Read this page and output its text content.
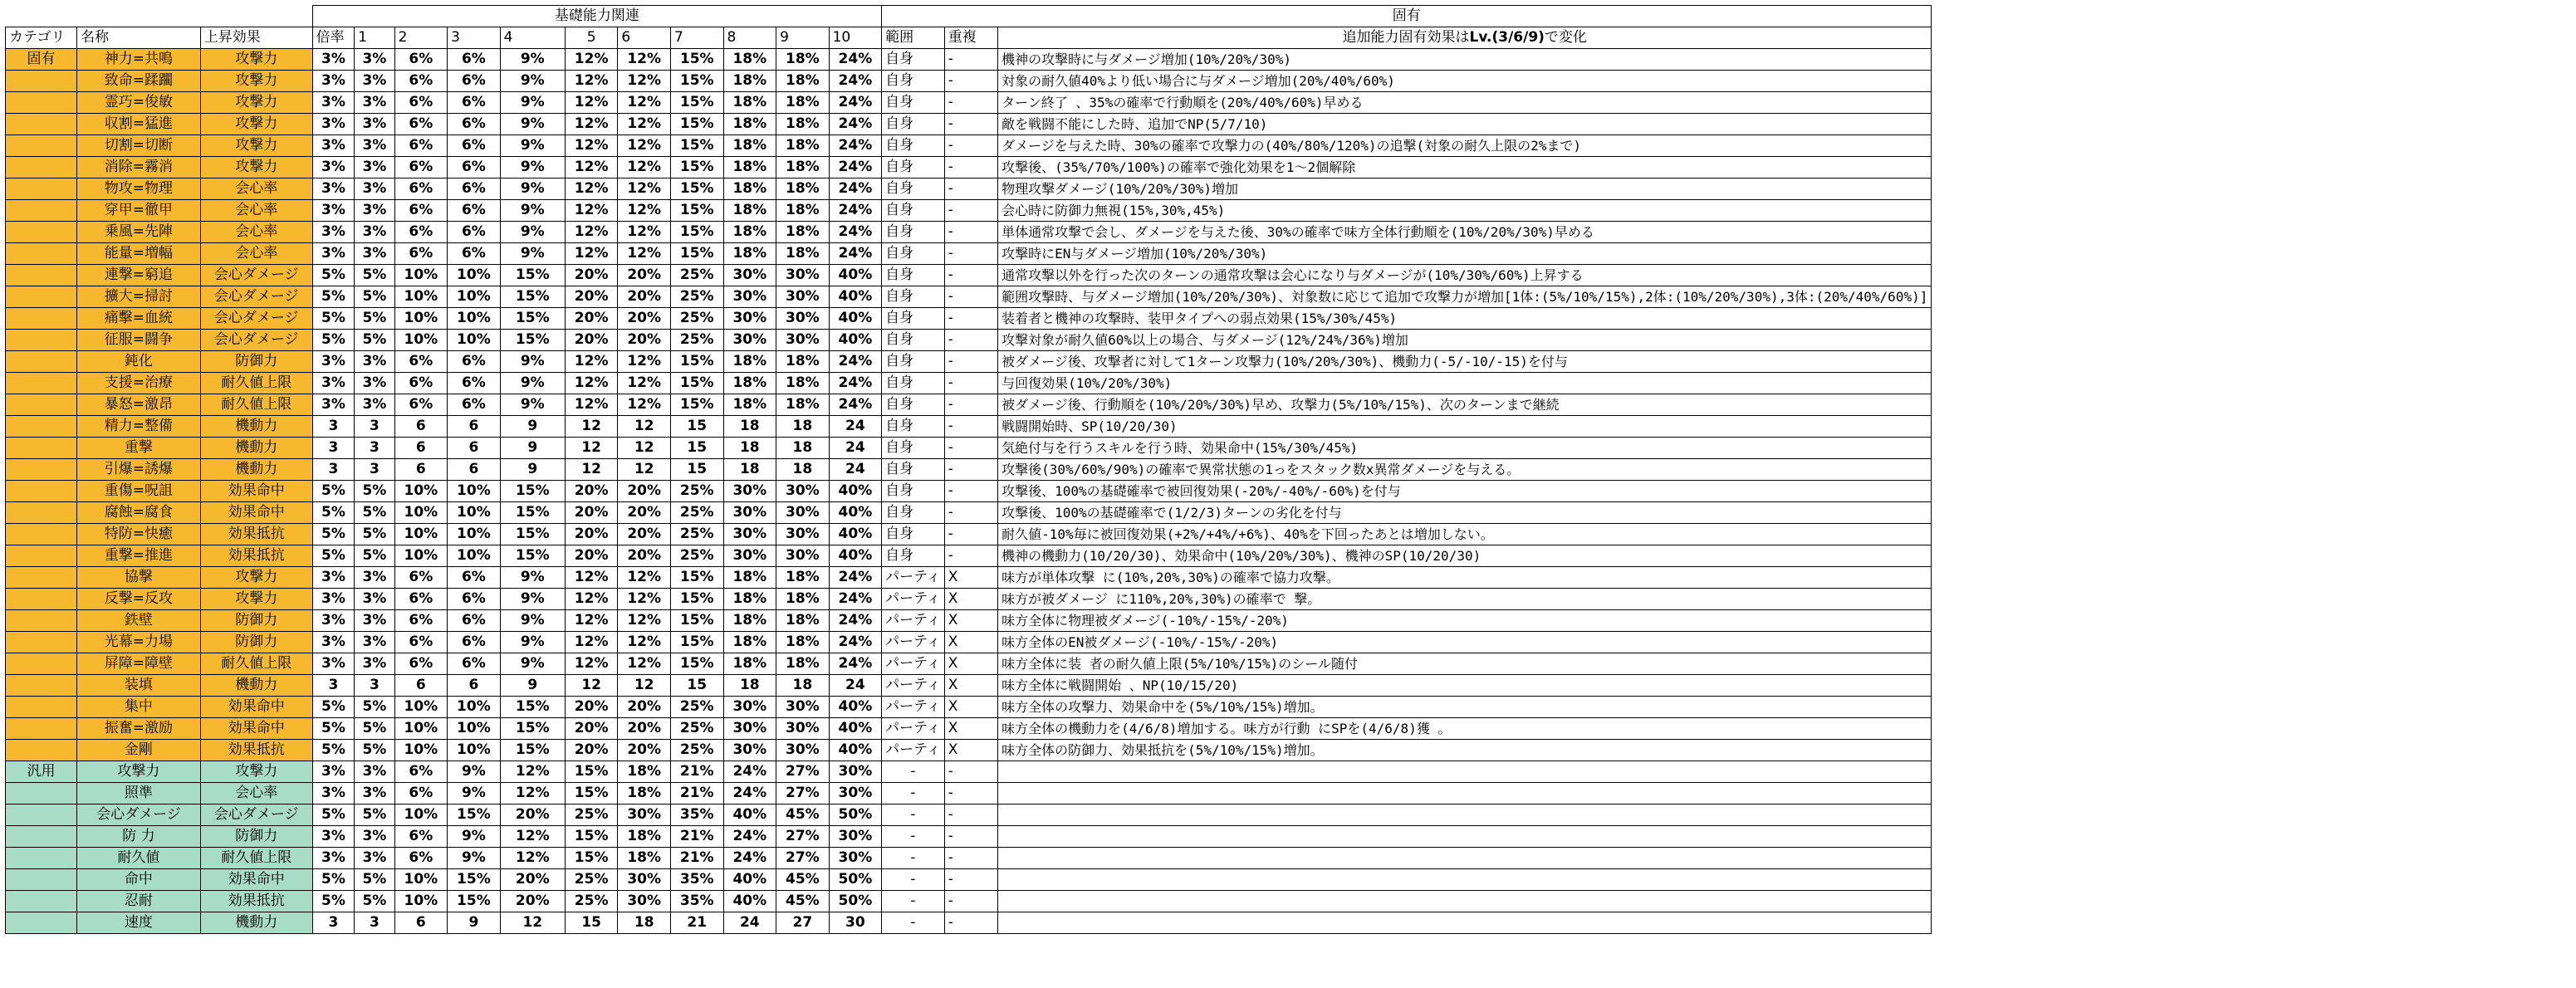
			基礎能力関連											固有		
カテゴリ	名称	上昇効果	倍率	1	2	3	4	5	6	7	8	9	10	範囲	重複	追加能力固有効果はLv.(3/6/9)で変化
固有	神力=共鳴	攻撃力	3%	3%	6%	6%	9%	12%	12%	15%	18%	18%	24%	自身	-	機神の攻撃時に与ダメージ増加(10%/20%/30%)
	致命=蹂躙	攻撃力	3%	3%	6%	6%	9%	12%	12%	15%	18%	18%	24%	自身	-	対象の耐久値40%より低い場合に与ダメージ増加(20%/40%/60%)
	霊巧=俊敏	攻撃力	3%	3%	6%	6%	9%	12%	12%	15%	18%	18%	24%	自身	-	ターン終了 、35%の確率で行動順を(20%/40%/60%)早める
	収割=猛進	攻撃力	3%	3%	6%	6%	9%	12%	12%	15%	18%	18%	24%	自身	-	敵を戦闘不能にした時、追加でNP(5/7/10)
	切割=切断	攻撃力	3%	3%	6%	6%	9%	12%	12%	15%	18%	18%	24%	自身	-	ダメージを与えた時、30%の確率で攻撃力の(40%/80%/120%)の追撃(対象の耐久上限の2%まで)
	消除=霧消	攻撃力	3%	3%	6%	6%	9%	12%	12%	15%	18%	18%	24%	自身	-	攻撃後、(35%/70%/100%)の確率で強化効果を1～2個解除
	物攻=物理	会心率	3%	3%	6%	6%	9%	12%	12%	15%	18%	18%	24%	自身	-	物理攻撃ダメージ(10%/20%/30%)増加
	穿甲=徹甲	会心率	3%	3%	6%	6%	9%	12%	12%	15%	18%	18%	24%	自身	-	会心時に防御力無視(15%,30%,45%)
	乗風=先陣	会心率	3%	3%	6%	6%	9%	12%	12%	15%	18%	18%	24%	自身	-	単体通常攻撃で会し、ダメージを与えた後、30%の確率で味方全体行動順を(10%/20%/30%)早める
	能量=増幅	会心率	3%	3%	6%	6%	9%	12%	12%	15%	18%	18%	24%	自身	-	攻撃時にEN与ダメージ増加(10%/20%/30%)
	連撃=窮追	会心ダメージ	5%	5%	10%	10%	15%	20%	20%	25%	30%	30%	40%	自身	-	通常攻撃以外を行った次のターンの通常攻撃は会心になり与ダメージが(10%/30%/60%)上昇する
	擴大=掃討	会心ダメージ	5%	5%	10%	10%	15%	20%	20%	25%	30%	30%	40%	自身	-	範囲攻撃時、与ダメージ増加(10%/20%/30%)、対象数に応じて追加で攻撃力が増加[1体:(5%/10%/15%),2体:(10%/20%/30%),3体:(20%/40%/60%)]
	痛擊=血統	会心ダメージ	5%	5%	10%	10%	15%	20%	20%	25%	30%	30%	40%	自身	-	装着者と機神の攻撃時、装甲タイプへの弱点効果(15%/30%/45%)
	征服=闘争	会心ダメージ	5%	5%	10%	10%	15%	20%	20%	25%	30%	30%	40%	自身	-	攻撃対象が耐久値60%以上の場合、与ダメージ(12%/24%/36%)増加
	鈍化	防御力	3%	3%	6%	6%	9%	12%	12%	15%	18%	18%	24%	自身	-	被ダメージ後、攻撃者に対して1ターン攻撃力(10%/20%/30%)、機動力(-5/-10/-15)を付与
	支援=治療	耐久値上限	3%	3%	6%	6%	9%	12%	12%	15%	18%	18%	24%	自身	-	与回復効果(10%/20%/30%)
	暴怒=激昂	耐久値上限	3%	3%	6%	6%	9%	12%	12%	15%	18%	18%	24%	自身	-	被ダメージ後、行動順を(10%/20%/30%)早め、攻撃力(5%/10%/15%)、次のターンまで継続
	精力=整備	機動力	3	3	6	6	9	12	12	15	18	18	24	自身	-	戦闘開始時、SP(10/20/30)
	重撃	機動力	3	3	6	6	9	12	12	15	18	18	24	自身	-	気絶付与を行うスキルを行う時、効果命中(15%/30%/45%)
	引爆=誘爆	機動力	3	3	6	6	9	12	12	15	18	18	24	自身	-	攻撃後(30%/60%/90%)の確率で異常状態の1っをスタック数x異常ダメージを与える。
	重傷=呪詛	効果命中	5%	5%	10%	10%	15%	20%	20%	25%	30%	30%	40%	自身	-	攻撃後、100%の基礎確率で被回復効果(-20%/-40%/-60%)を付与
	腐蝕=腐食	効果命中	5%	5%	10%	10%	15%	20%	20%	25%	30%	30%	40%	自身	-	攻撃後、100%の基礎確率で(1/2/3)ターンの劣化を付与
	特防=快癒	効果抵抗	5%	5%	10%	10%	15%	20%	20%	25%	30%	30%	40%	自身	-	耐久値-10%毎に被回復効果(+2%/+4%/+6%)、40%を下回ったあとは増加しない。
	重撃=推進	効果抵抗	5%	5%	10%	10%	15%	20%	20%	25%	30%	30%	40%	自身	-	機神の機動力(10/20/30)、効果命中(10%/20%/30%)、機神のSP(10/20/30)
	協撃	攻撃力	3%	3%	6%	6%	9%	12%	12%	15%	18%	18%	24%	パーティ	X	味方が単体攻撃 に(10%,20%,30%)の確率で協力攻撃。
	反撃=反攻	攻撃力	3%	3%	6%	6%	9%	12%	12%	15%	18%	18%	24%	パーティ	X	味方が被ダメージ に110%,20%,30%)の確率で 撃。
	鉄壁	防御力	3%	3%	6%	6%	9%	12%	12%	15%	18%	18%	24%	パーティ	X	味方全体に物理被ダメージ(-10%/-15%/-20%)
	光幕=力場	防御力	3%	3%	6%	6%	9%	12%	12%	15%	18%	18%	24%	パーティ	X	味方全体のEN被ダメージ(-10%/-15%/-20%)
	屏障=障壁	耐久値上限	3%	3%	6%	6%	9%	12%	12%	15%	18%	18%	24%	パーティ	X	味方全体に装 者の耐久値上限(5%/10%/15%)のシール随付
	装填	機動力	3	3	6	6	9	12	12	15	18	18	24	パーティ	X	味方全体に戦闘開始 、NP(10/15/20)
	集中	効果命中	5%	5%	10%	10%	15%	20%	20%	25%	30%	30%	40%	パーティ	X	味方全体の攻撃力、効果命中を(5%/10%/15%)増加。
	振奮=激励	効果命中	5%	5%	10%	10%	15%	20%	20%	25%	30%	30%	40%	パーティ	X	味方全体の機動力を(4/6/8)増加する。味方が行動 にSPを(4/6/8)獲 。
	金剛	効果抵抗	5%	5%	10%	10%	15%	20%	20%	25%	30%	30%	40%	パーティ	X	味方全体の防御力、効果抵抗を(5%/10%/15%)増加。
汎用	攻撃力	攻撃力	3%	3%	6%	9%	12%	15%	18%	21%	24%	27%	30%	-	-	
	照準	会心率	3%	3%	6%	9%	12%	15%	18%	21%	24%	27%	30%	-	-	
	会心ダメージ	会心ダメージ	5%	5%	10%	15%	20%	25%	30%	35%	40%	45%	50%	-	-	
	防 力	防御力	3%	3%	6%	9%	12%	15%	18%	21%	24%	27%	30%	-	-	
	耐久値	耐久値上限	3%	3%	6%	9%	12%	15%	18%	21%	24%	27%	30%	-	-	
	命中	効果命中	5%	5%	10%	15%	20%	25%	30%	35%	40%	45%	50%	-	-	
	忍耐	効果抵抗	5%	5%	10%	15%	20%	25%	30%	35%	40%	45%	50%	-	-	
	速度	機動力	3	3	6	9	12	15	18	21	24	27	30	-	-	
